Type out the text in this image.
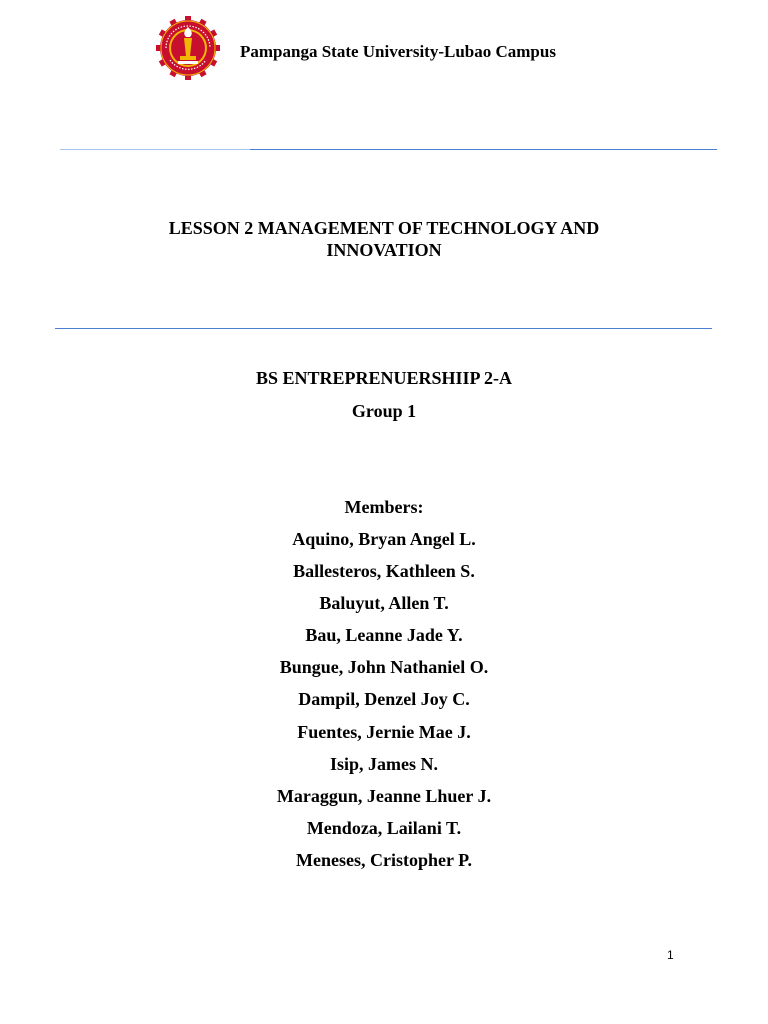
Pampanga State University-Lubao Campus
LESSON 2 MANAGEMENT OF TECHNOLOGY AND
INNOVATION
BS ENTREPRENUERSHIIP 2-A
Group 1
Members:
Aquino, Bryan Angel L.
Ballesteros, Kathleen S.
Baluyut, Allen T.
Bau, Leanne Jade Y.
Bungue, John Nathaniel O.
Dampil, Denzel Joy C.
Fuentes, Jernie Mae J.
Isip, James N.
Maraggun, Jeanne Lhuer J.
Mendoza, Lailani T.
Meneses, Cristopher P.
1
